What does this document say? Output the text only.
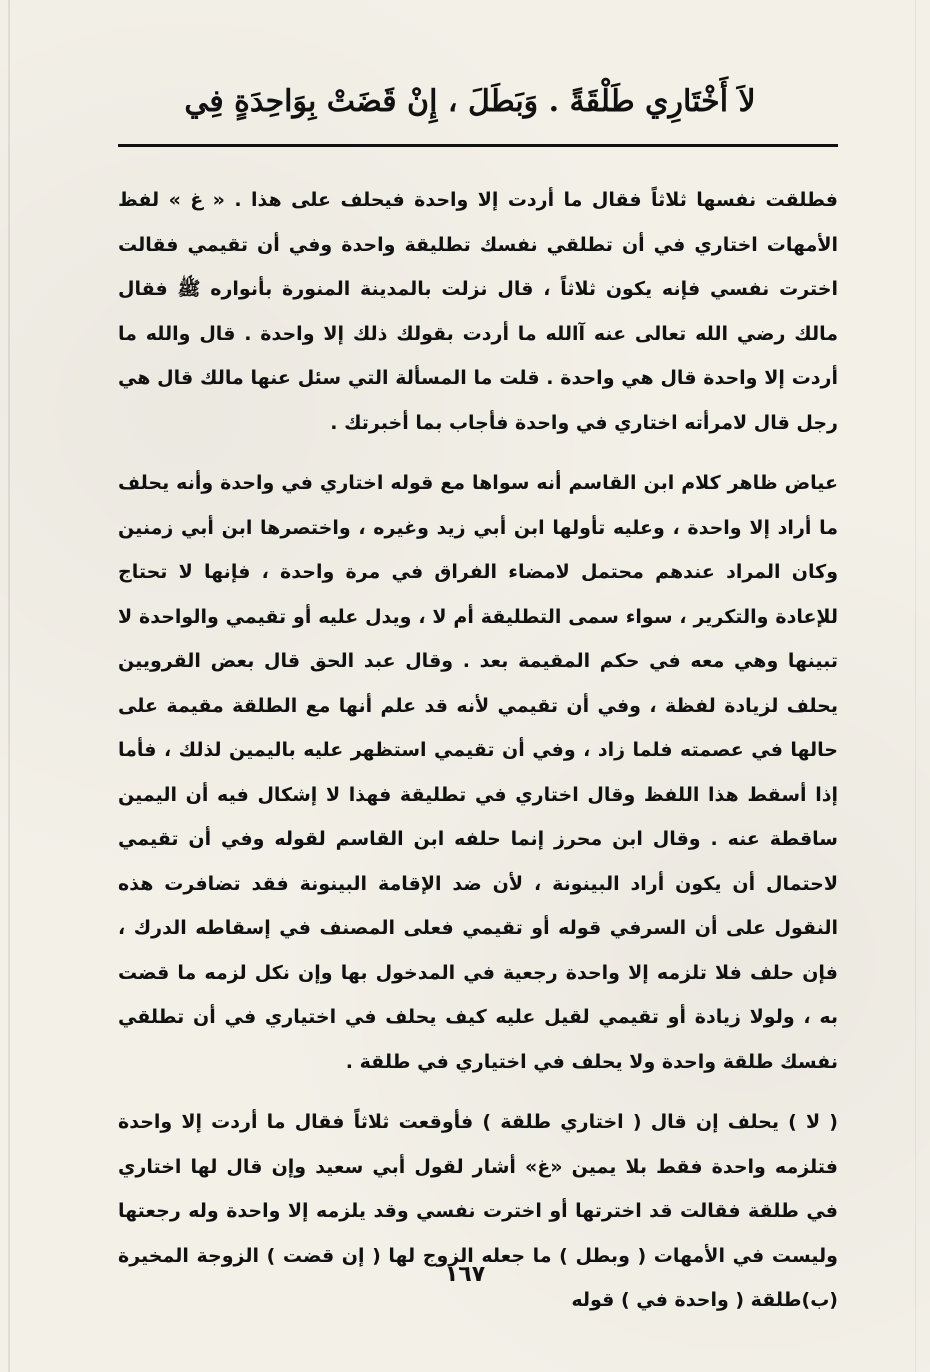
لاَ أَخْتَارِي طَلْقَةً . وَبَطَلَ ، إِنْ قَضَتْ بِوَاحِدَةٍ فِي

فطلقت نفسها ثلاثاً فقال ما أردت إلا واحدة فيحلف على هذا . « غ » لفظ الأمهات اختاري في أن تطلقي نفسك تطليقة واحدة وفي أن تقيمي فقالت اخترت نفسي فإنه يكون ثلاثاً ، قال نزلت بالمدينة المنورة بأنواره ﷺ فقال مالك رضي الله تعالى عنه آالله ما أردت بقولك ذلك إلا واحدة . قال والله ما أردت إلا واحدة قال هي واحدة . قلت ما المسألة التي سئل عنها مالك قال هي رجل قال لامرأته اختاري في واحدة فأجاب بما أخبرتك .

عياض ظاهر كلام ابن القاسم أنه سواها مع قوله اختاري في واحدة وأنه يحلف ما أراد إلا واحدة ، وعليه تأولها ابن أبي زيد وغيره ، واختصرها ابن أبي زمنين وكان المراد عندهم محتمل لامضاء الفراق في مرة واحدة ، فإنها لا تحتاج للإعادة والتكرير ، سواء سمى التطليقة أم لا ، ويدل عليه أو تقيمي والواحدة لا تبينها وهي معه في حكم المقيمة بعد . وقال عبد الحق قال بعض القرويين يحلف لزيادة لفظة ، وفي أن تقيمي لأنه قد علم أنها مع الطلقة مقيمة على حالها في عصمته فلما زاد ، وفي أن تقيمي استظهر عليه باليمين لذلك ، فأما إذا أسقط هذا اللفظ وقال اختاري في تطليقة فهذا لا إشكال فيه أن اليمين ساقطة عنه . وقال ابن محرز إنما حلفه ابن القاسم لقوله وفي أن تقيمي لاحتمال أن يكون أراد البينونة ، لأن ضد الإقامة البينونة فقد تضافرت هذه النقول على أن السرفي قوله أو تقيمي فعلى المصنف في إسقاطه الدرك ، فإن حلف فلا تلزمه إلا واحدة رجعية في المدخول بها وإن نكل لزمه ما قضت به ، ولولا زيادة أو تقيمي لقيل عليه كيف يحلف في اختياري في أن تطلقي نفسك طلقة واحدة ولا يحلف في اختياري في طلقة .

( لا ) يحلف إن قال ( اختاري طلقة ) فأوقعت ثلاثاً فقال ما أردت إلا واحدة فتلزمه واحدة فقط بلا يمين «غ» أشار لقول أبي سعيد وإن قال لها اختاري في طلقة فقالت قد اخترتها أو اخترت نفسي وقد يلزمه إلا واحدة وله رجعتها وليست في الأمهات ( وبطل ) ما جعله الزوج لها ( إن قضت ) الزوجة المخيرة (ب)طلقة ( واحدة في ) قوله

١٦٧
